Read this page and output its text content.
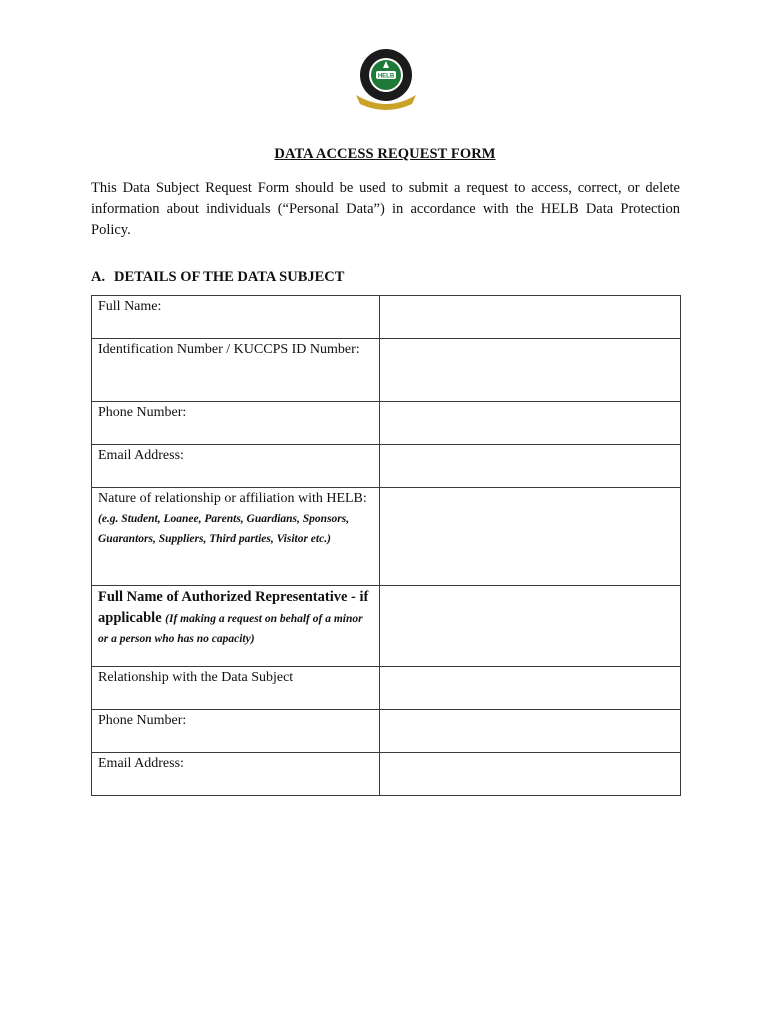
HELB
DATA ACCESS REQUEST FORM

This Data Subject Request Form should be used to submit a request to access, correct, or delete information about individuals (“Personal Data”) in accordance with the HELB Data Protection Policy.

A. DETAILS OF THE DATA SUBJECT
Full Name:	

Identification Number / KUCCPS ID Number:	

Phone Number:	

Email Address:	

Nature of relationship or affiliation with HELB: (e.g. Student, Loanee, Parents, Guardians, Sponsors, Guarantors, Suppliers, Third parties, Visitor etc.)	

Full Name of Authorized Representative - if applicable (If making a request on behalf of a minor or a person who has no capacity)	

Relationship with the Data Subject	

Phone Number:	

Email Address:	
